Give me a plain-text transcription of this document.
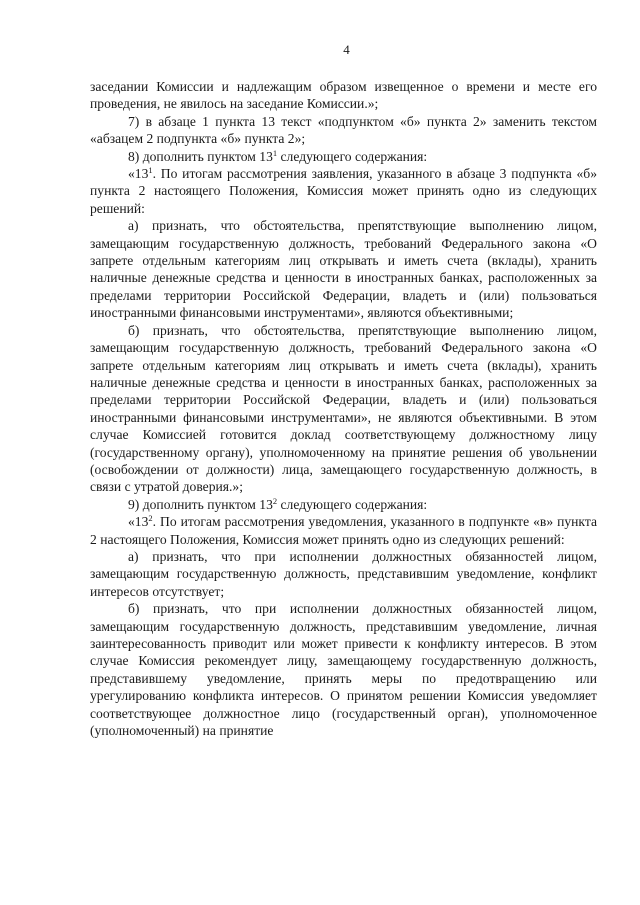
4

заседании Комиссии и надлежащим образом извещенное о времени и месте его проведения, не явилось на заседание Комиссии.»;

7) в абзаце 1 пункта 13 текст «подпунктом «б» пункта 2» заменить текстом «абзацем 2 подпункта «б» пункта 2»;

8) дополнить пунктом $13^1$ следующего содержания:

«$13^1$. По итогам рассмотрения заявления, указанного в абзаце 3 подпункта «б» пункта 2 настоящего Положения, Комиссия может принять одно из следующих решений:

а) признать, что обстоятельства, препятствующие выполнению лицом, замещающим государственную должность, требований Федерального закона «О запрете отдельным категориям лиц открывать и иметь счета (вклады), хранить наличные денежные средства и ценности в иностранных банках, расположенных за пределами территории Российской Федерации, владеть и (или) пользоваться иностранными финансовыми инструментами», являются объективными;

б) признать, что обстоятельства, препятствующие выполнению лицом, замещающим государственную должность, требований Федерального закона «О запрете отдельным категориям лиц открывать и иметь счета (вклады), хранить наличные денежные средства и ценности в иностранных банках, расположенных за пределами территории Российской Федерации, владеть и (или) пользоваться иностранными финансовыми инструментами», не являются объективными. В этом случае Комиссией готовится доклад соответствующему должностному лицу (государственному органу), уполномоченному на принятие решения об увольнении (освобождении от должности) лица, замещающего государственную должность, в связи с утратой доверия.»;

9) дополнить пунктом $13^2$ следующего содержания:

«$13^2$. По итогам рассмотрения уведомления, указанного в подпункте «в» пункта 2 настоящего Положения, Комиссия может принять одно из следующих решений:

а) признать, что при исполнении должностных обязанностей лицом, замещающим государственную должность, представившим уведомление, конфликт интересов отсутствует;

б) признать, что при исполнении должностных обязанностей лицом, замещающим государственную должность, представившим уведомление, личная заинтересованность приводит или может привести к конфликту интересов. В этом случае Комиссия рекомендует лицу, замещающему государственную должность, представившему уведомление, принять меры по предотвращению или урегулированию конфликта интересов. О принятом решении Комиссия уведомляет соответствующее должностное лицо (государственный орган), уполномоченное (уполномоченный) на принятие
